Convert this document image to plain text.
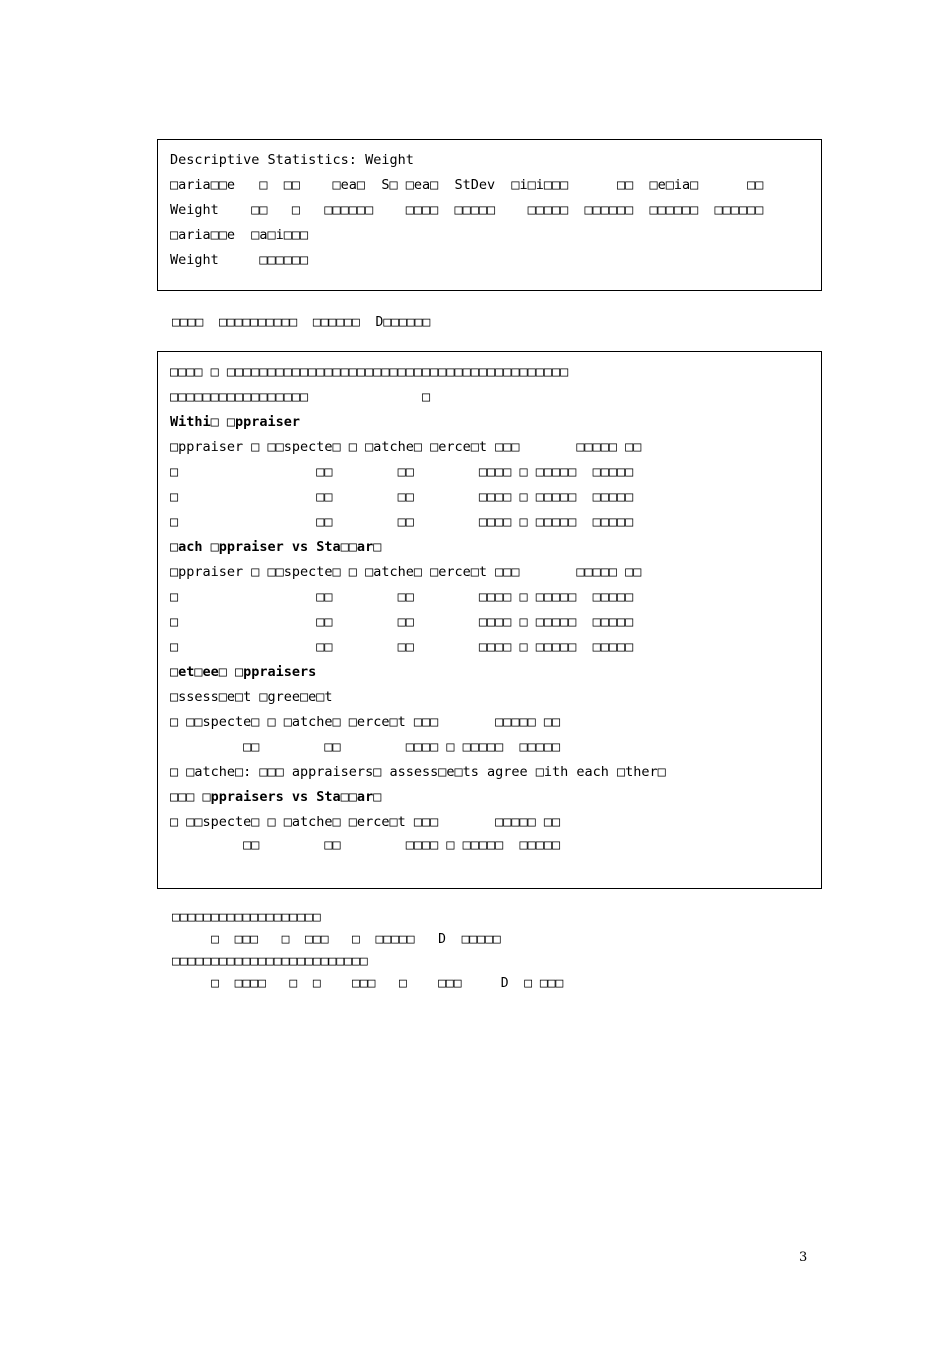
Descriptive Statistics: Weight
□aria□□e   □  □□    □ea□  S□ □ea□  StDev  □i□i□□□      □□  □e□ia□      □□
Weight    □□   □   □□□□□□    □□□□  □□□□□    □□□□□  □□□□□□  □□□□□□  □□□□□□
□aria□□e  □a□i□□□
Weight     □□□□□□
□□□□  □□□□□□□□□□  □□□□□□  D□□□□□□
□□□□ □ □□□□□□□□□□□□□□□□□□□□□□□□□□□□□□□□□□□□□□□□□□
□□□□□□□□□□□□□□□□□              □
Withi□ □ppraiser
□ppraiser □ □□specte□ □ □atche□ □erce□t □□□       □□□□□ □□
□                 □□        □□        □□□□ □ □□□□□  □□□□□
□                 □□        □□        □□□□ □ □□□□□  □□□□□
□                 □□        □□        □□□□ □ □□□□□  □□□□□
□ach □ppraiser vs Sta□□ar□
□ppraiser □ □□specte□ □ □atche□ □erce□t □□□       □□□□□ □□
□                 □□        □□        □□□□ □ □□□□□  □□□□□
□                 □□        □□        □□□□ □ □□□□□  □□□□□
□                 □□        □□        □□□□ □ □□□□□  □□□□□
□et□ee□ □ppraisers
□ssess□e□t □gree□e□t
□ □□specte□ □ □atche□ □erce□t □□□       □□□□□ □□
□□        □□        □□□□ □ □□□□□  □□□□□
□ □atche□: □□□ appraisers□ assess□e□ts agree □ith each □ther□
□□□ □ppraisers vs Sta□□ar□
□ □□specte□ □ □atche□ □erce□t □□□       □□□□□ □□
□□        □□        □□□□ □ □□□□□  □□□□□
□□□□□□□□□□□□□□□□□□□
□  □□□   □  □□□   □  □□□□□   D  □□□□□
□□□□□□□□□□□□□□□□□□□□□□□□□
□  □□□□   □  □    □□□   □    □□□     D  □ □□□
3
